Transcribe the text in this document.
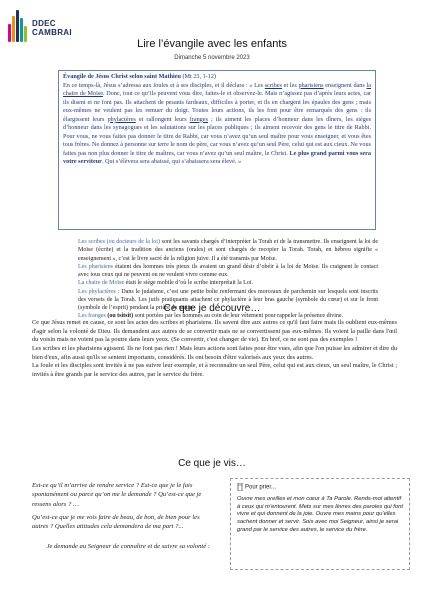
DDEC
CAMBRAI
Lire l’évangile avec les enfants
Dimanche 5 novembre 2023
Évangile de Jésus Christ selon saint Mathieu (Mt 23, 1-12)
En ce temps-là, Jésus s’adressa aux foules et à ses disciples, et il déclara : « Les scribes et les pharisiens enseignent dans la chaire de Moïse. Donc, tout ce qu’ils peuvent vous dire, faites-le et observez-le. Mais n’agissez pas d’après leurs actes, car ils disent et ne font pas. Ils attachent de pesants fardeaux, difficiles à porter, et ils en chargent les épaules des gens ; mais eux-mêmes ne veulent pas les remuer du doigt. Toutes leurs actions, ils les font pour être remarqués des gens : ils élargissent leurs phylactères et rallongent leurs franges ; ils aiment les places d’honneur dans les dîners, les sièges d’honneur dans les synagogues et les salutations sur les places publiques ; ils aiment recevoir des gens le titre de Rabbi. Pour vous, ne vous faites pas donner le titre de Rabbi, car vous n’avez qu’un seul maître pour vous enseigner, et vous êtes tous frères. Ne donnez à personne sur terre le nom de père, car vous n’avez qu’un seul Père, celui qui est aux cieux. Ne vous faites pas non plus donner le titre de maîtres, car vous n’avez qu’un seul maître, le Christ. Le plus grand parmi vous sera votre serviteur. Qui s’élèvera sera abaissé, qui s’abaissera sera élevé. »

Les scribes (ou docteurs de la loi) sont les savants chargés d’interpréter la Torah et de la transmettre. Ils enseignent la loi de Moïse (écrite) et la tradition des anciens (orales) et sont chargés de recopier la Torah. Torah, en hébreu signifie « enseignement », c’est le livre sacré de la religion juive. Il a été transmis par Moïse.

Les pharisiens étaient des hommes très pieux ils avaient un grand désir d’obéir à la loi de Moïse. Ils craignent le contact avec tous ceux qui ne peuvent ou ne veulent vivre comme eux.

La chaire de Moïse était le siège mobile d’où le scribe interprétait la Loi.

Les phylactères : Dans le judaïsme, c’est une petite boîte renfermant des morceaux de parchemin sur lesquels sont inscrits des versets de la Torah. Les juifs pratiquants attachent ce phylactère à leur bras gauche (symbole du cœur) et sur le front (symbole de l’esprit) pendant la prière du matin.

Les franges (ou tsitsit) sont portées par les hommes au coin de leur vêtement pour rappeler la présence divine.

Ce que je découvre…

Ce que Jésus remet en cause, ce sont les actes des scribes et pharisiens. Ils savent dire aux autres ce qu'il faut faire mais ils oublient eux-mêmes d'agir selon la volonté de Dieu. Ils demandent aux autres de se convertir mais ne se convertissent pas eux-mêmes. Ils voient la paille dans l'œil du voisin mais ne voient pas la poutre dans leurs yeux. (Se convertir, c'est changer de vie). En bref, ce ne sont pas des exemples !

Les scribes et les pharisiens agissent. Ils ne font pas rien ! Mais leurs actions sont faites pour être vues, afin que l'on puisse les admirer et dire du bien d'eux, afin aussi qu'ils se sentent importants, considérés. Ils ont besoin d'être valorisés aux yeux des autres.

La foule et les disciples sont invités à ne pas suivre leur exemple, et à reconnaître un seul Père, celui qui est aux cieux, un seul maître, le Christ ; invités à être grands par le service des autres, par le service du frère.

Ce que je vis…

Est-ce qu’il m’arrive de rendre service ? Est-ce que je le fais spontanément ou parce qu’on me le demande ? Qu’est-ce que je ressens alors ? …

Qu’est-ce que je me vois faire de beau, de bon, de bien pour les autres ? Quelles attitudes cela demandera de ma part ?...

Je demande au Seigneur de connaître et de suivre sa volonté :

Pour prier...
Ouvre mes oreilles et mon cœur à Ta Parole. Rends-moi attentif à ceux qui m’entourent. Mets sur mes lèvres des paroles qui font vivre et qui donnent de la joie. Ouvre mes mains pour qu’elles sachent donner et servir. Sois avec moi Seigneur, ainsi je serai grand par le service des autres, le service du frère.
